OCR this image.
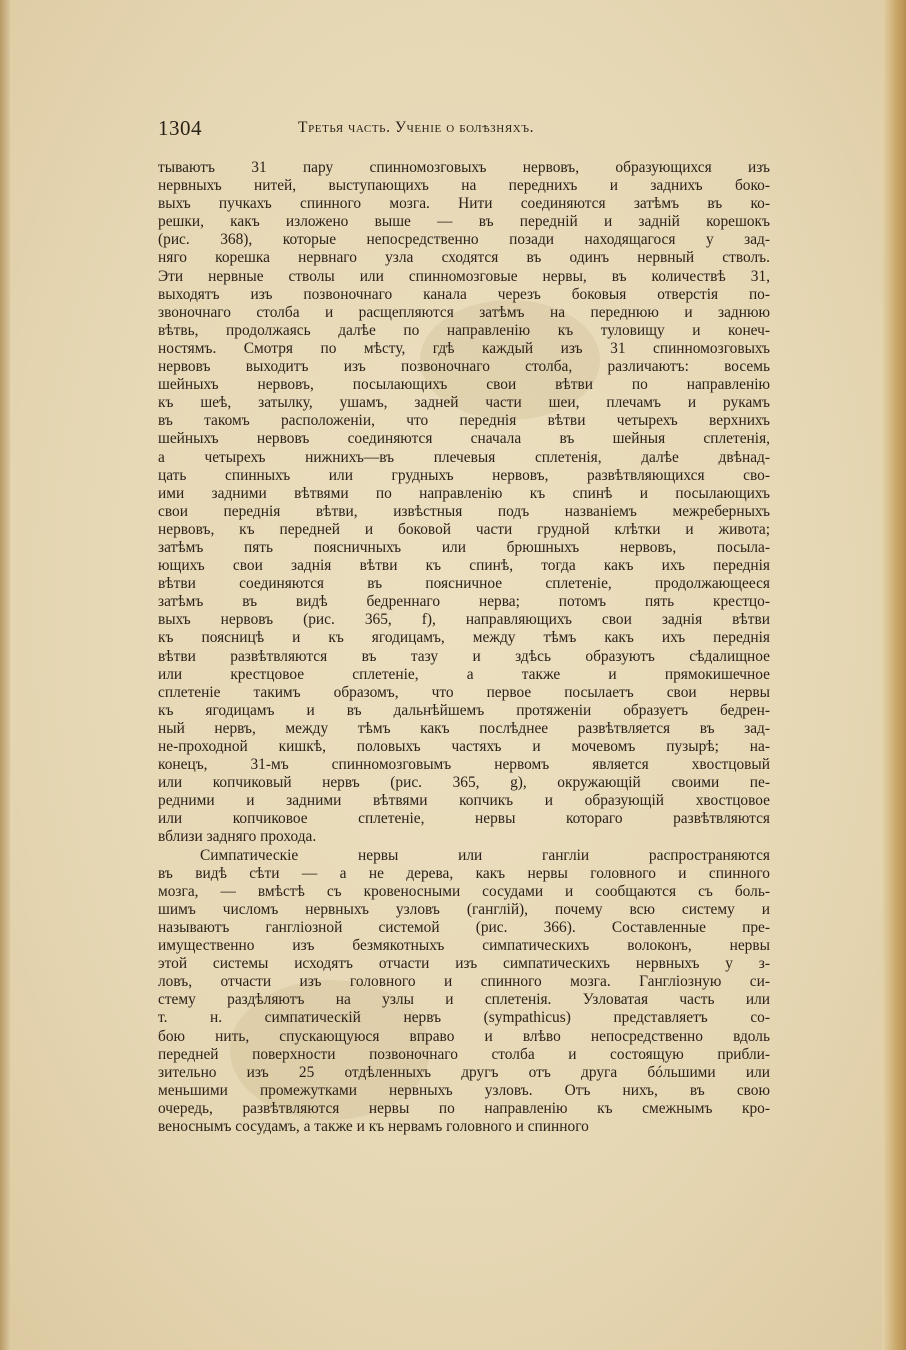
1304	Третья часть. Ученіе о болѣзняхъ.
тываютъ 31 пару спинномозговыхъ нервовъ, образующихся изъ
нервныхъ нитей, выступающихъ на переднихъ и заднихъ боко-
выхъ пучкахъ спинного мозга. Нити соединяются затѣмъ въ ко-
решки, какъ изложено выше — въ передній и задній корешокъ
(рис. 368), которые непосредственно позади находящагося у зад-
няго корешка нервнаго узла сходятся въ одинъ нервный стволъ.
Эти нервные стволы или спинномозговые нервы, въ количествѣ 31,
выходятъ изъ позвоночнаго канала черезъ боковыя отверстія по-
звоночнаго столба и расщепляются затѣмъ на переднюю и заднюю
вѣтвь, продолжаясь далѣе по направленію къ туловищу и конеч-
ностямъ. Смотря по мѣсту, гдѣ каждый изъ 31 спинномозговыхъ
нервовъ выходитъ изъ позвоночнаго столба, различаютъ: восемь
шейныхъ нервовъ, посылающихъ свои вѣтви по направленію
къ шеѣ, затылку, ушамъ, задней части шеи, плечамъ и рукамъ
въ такомъ расположеніи, что переднія вѣтви четырехъ верхнихъ
шейныхъ нервовъ соединяются сначала въ шейныя сплетенія,
а четырехъ нижнихъ—въ плечевыя сплетенія, далѣе двѣнад-
цать спинныхъ или грудныхъ нервовъ, развѣтвляющихся сво-
ими задними вѣтвями по направленію къ спинѣ и посылающихъ
свои переднія вѣтви, извѣстныя подъ названіемъ межреберныхъ
нервовъ, къ передней и боковой части грудной клѣтки и живота;
затѣмъ пять поясничныхъ или брюшныхъ нервовъ, посыла-
ющихъ свои заднія вѣтви къ спинѣ, тогда какъ ихъ переднія
вѣтви соединяются въ поясничное сплетеніе, продолжающееся
затѣмъ въ видѣ бедреннаго нерва; потомъ пять крестцо-
выхъ нервовъ (рис. 365, f), направляющихъ свои заднія вѣтви
къ поясницѣ и къ ягодицамъ, между тѣмъ какъ ихъ переднія
вѣтви развѣтвляются въ тазу и здѣсь образуютъ сѣдалищное
или крестцовое сплетеніе, а также и прямокишечное
сплетеніе такимъ образомъ, что первое посылаетъ свои нервы
къ ягодицамъ и въ дальнѣйшемъ протяженіи образуетъ бедрен-
ный нервъ, между тѣмъ какъ послѣднее развѣтвляется въ зад-
не-проходной кишкѣ, половыхъ частяхъ и мочевомъ пузырѣ; на-
конецъ, 31-мъ спинномозговымъ нервомъ является хвостцовый
или копчиковый нервъ (рис. 365, g), окружающій своими пе-
редними и задними вѣтвями копчикъ и образующій хвостцовое
или копчиковое сплетеніе, нервы котораго развѣтвляются
вблизи задняго прохода.
Симпатическіе нервы или гангліи распространяются
въ видѣ сѣти — а не дерева, какъ нервы головного и спинного
мозга, — вмѣстѣ съ кровеносными сосудами и сообщаются съ боль-
шимъ числомъ нервныхъ узловъ (ганглій), почему всю систему и
называютъ гангліозной системой (рис. 366). Составленные пре-
имущественно изъ безмякотныхъ симпатическихъ волоконъ, нервы
этой системы исходятъ отчасти изъ симпатическихъ нервныхъ у з-
ловъ, отчасти изъ головного и спинного мозга. Гангліозную си-
стему раздѣляютъ на узлы и сплетенія. Узловатая часть или
т. н. симпатическій нервъ (sympathicus) представляетъ со-
бою нить, спускающуюся вправо и влѣво непосредственно вдоль
передней поверхности позвоночнаго столба и состоящую прибли-
зительно изъ 25 отдѣленныхъ другъ отъ друга бóльшими или
меньшими промежутками нервныхъ узловъ. Отъ нихъ, въ свою
очередь, развѣтвляются нервы по направленію къ смежнымъ кро-
веноснымъ сосудамъ, а также и къ нервамъ головного и спинного
